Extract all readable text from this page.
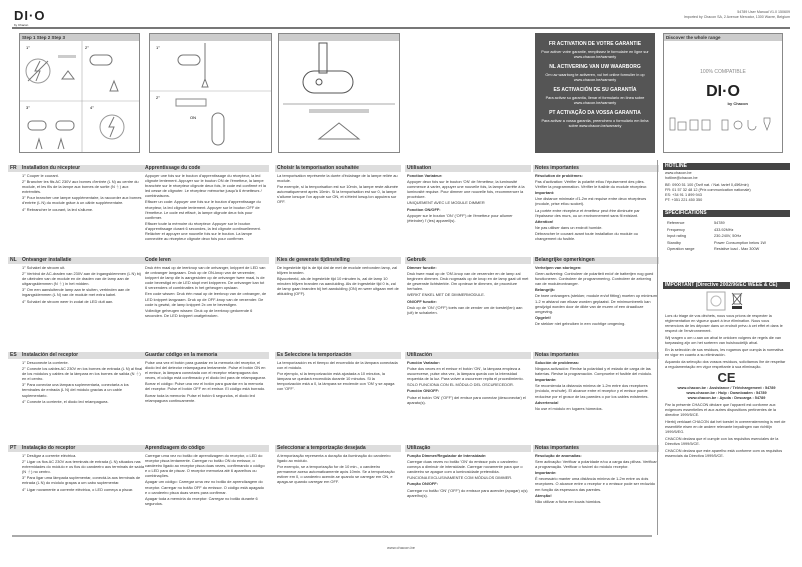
DI·O
by Chacon
54789 User Manual V1.0 150609
Imported by Chacon SA, 2 Avenue Mercator, 1300 Wavre, Belgium
Step 1 Step 2 Step 3
1°	2°
3°	4°
1°
2°
ON
FR ACTIVATION DE VOTRE GARANTIE

Pour activer votre garantie, remplissez le formulaire en ligne sur www.chacon.be/warranty

NL ACTIVERING VAN UW WAARBORG

Om uw waarborg te activeren, vul het online formulier in op www.chacon.be/warranty

ES ACTIVACIÓN DE SU GARANTÍA

Para activar su garantía, llenar el formulario en línea sobre www.chacon.be/warranty

PT ACTIVAÇÃO DA VOSSA GARANTIA

Para activar a vossa garantia, preenchero o formulário em linha sobre www.chacon.be/warranty

Discover the whole range
100% COMPATIBLE
DI·O
by Chacon
FR	Installation du récepteur

1° Couper le courant.

2° Brancher les fils AC 230V aux bornes d'entrée (L N) au centre du module, et les fils de la lampe aux bornes de sortie (N ⏚) aux extrémités.

3° Pour brancher une lampe supplémentaire, la raccorder aux bornes d'entrée (L N) du module grâce à un câble supplémentaire.

4° Rebrancher le courant, la led s'allume.

Apprentissage du code

Appuyer une fois sur le bouton d'apprentissage du récepteur, la led clignote lentement. Appuyer sur le bouton ON de l'émetteur, la lampe branchée sur le récepteur clignote deux fois, le code est confirmé et la led cesse de clignoter. Le récepteur mémorise jusqu'à 6 émetteurs / combinaisons.

Effacer un code: Appuyer une fois sur le bouton d'apprentissage du récepteur, la led clignote lentement. Appuyer sur le bouton OFF de l'émetteur. Le code est effacé, la lampe clignote deux fois pour confirmer.

Effacer toute la mémoire du récepteur: Appuyer sur le bouton d'apprentissage durant 6 secondes, la led clignote continuellement. Relâcher et appuyer une nouvelle fois sur le bouton. La lampe connectée au récepteur clignote deux fois pour confirmer.

Choisir la temporisation souhaitée

La temporisation représente la durée d'éclairage de la lampe reliée au module.

Par exemple, si la temporisation est sur 10min, la lampe reste allumée automatiquement après 10min. Si la temporisation est sur 0, la lampe s'allume lorsque l'on appuie sur ON, et s'éteint lorsqu'on appuiera sur OFF.

Utilisation

Fonction Variateur:

Appuyer deux fois sur le bouton 'ON' de l'émetteur, la luminosité commence à varier, appuyer une nouvelle fois, la lampe s'arrête à la luminosité requise. Pour dimmer une nouvelle fois, recommencer la procédure.

UNIQUEMENT AVEC LE MODULE DIMMER

Fonction ON/OFF:

Appuyer sur le bouton 'ON' ('OFF') de l'émetteur pour allumer (éteindre) l' (les) appareil(s).

Notes importantes

Résolution de problèmes:

Pas d'activation: Vérifier la polarité et/ou l'épuisement des piles. Vérifier la programmation. Vérifier le fusible du module récepteur.

Important:

Une distance minimale d'1-2m est requise entre deux récepteurs (module, prise et/ou socket).

La portée entre récepteur et émetteur peut être diminuée par l'épaisseur des murs, ou un environnement sans fil existant.

Attention!

Ne pas utiliser dans un endroit humide.

Débrancher le courant avant toute installation du module ou changement du fusible.

NL	Ontvanger installatie

1° Schakel de stroom uit.

2° Verbind de AC-draden van 230V aan de ingangsklemmen (L N) bij de uiteinden van de module en de draden van de lamp aan de uitgangsklemmen (N ⏚) in het midden.

3° Om een aansluitende lamp aan te sluiten, verbinden aan de ingangsklemmen (L N) van de module met extra kabel.

4° Schakel de stroom weer in zodat de LED duit aan.

Code leren

Druk één maal op de leerknop van de ontvanger, knippert de LED van de ontvanger langzaam. Druk op de ON-knop van de verzender, knippert de lamp die is aangesloten op de ontvanger twee maal, is de code bevestigd en de LED stopt met knipperen. De ontvanger kan tot 6 verzenders of combinaties in het geheugen opslaan.

Een code wissen: Druk één maal op de leerknop van de ontvanger, de LED knippert langzaam. Druk op de OFF-knop van de verzender. De code is gewist, de lamp knippert 2x om te bevestigen.

Volledige geheugen wissen: Druk op de leerknop gedurende 6 seconden. De LED knippert onafgebroken.

Kies de gewenste tijdinstelling

De ingestelde tijd is de tijd dat de met de module verbonden lamp, zal blijven branden.

Bijvoorbeeld, als de ingestelde tijd 10 minuten is, zal de lamp 10 minuten blijven branden na aanduiding. Als de ingestelde tijd 0 is, zal de lamp gaan branden bij het aanduiding (ON) en weer uitgaan met de afduiding (OFF).

Gebruik

Dimmer functie:

Druk twee maal op de 'ON'-knop van de verzender en de lamp zal beginnen dimmen. Druk nogmaals op de knop en de lamp gaat uit met de gewenste lichtsterkte. Om opnieuw te dimmen, de procedure herhalen.

WERKT ENKEL MET DE DIMMERMODULE.

ON/OFF functie:

Druk op de 'ON' ('OFF') toets van de zender om de toestel(len) aan (uit) te schakelen.

Belangrijke opmerkingen

Verhelpen van storingen:

Geen activering: Controleer de polariteit en/of de batterijen nog goed functioneren. Controleer de programmering. Controleer de zekering van de moduleontvanger.

Belangrijk:

De twee ontvangers (stekker, module en/of fitting) moeten op minimum 1-2 m afstand van elkaar worden geplaatst. De minimumbereik kan gewijzigd worden door de dikte van de muren of een draadloze omgeving.

Opgelet!

De stekker niet gebruiken in een vochtige omgeving.

ES	Instalación del receptor

1° Desconecte la corriente.

2° Conecte los cables AC 230V en los bornes de entrada (L N) al final de los módulos y cables de la lámpara en los bornes de salida (N ⏚) en el centro.

3° Para conectar una lámpara suplementaria, conectarla a los terminales de entrada (L N) del módulo gracias a un cable suplementario.

4° Conecte la corriente, el diodo led relampaguea.

Guardar código en la memoria

Pulse una vez el botón para guardar en la memoria del receptor, el diodo led del detector relampaguea lentamente. Pulse el botón ON en el emisor, la lámpara conectada con el receptor relampaguea dos veces, el código está confirmado y el diodo led para de relampaguear.

Borrar el código: Pulse una vez el botón para guardar en la memoria del receptor. Pulse el botón OFF en el emisor. El código está borrado.

Borrar toda la memoria: Pulse el botón 6 segundos, el diodo led relampaguea continuamente.

Es Seleccione la temporización

La temporización es el tiempo del encendido de la lámpara conectada con el módulo.

Por ejemplo, si la temporización está ajustada a 10 minutos, la lámpara se quedará encendida durante 10 minutos. Si la temporización está a 0, la lámpara se enciende con 'ON' y se apaga con 'OFF'.

Utilización

Función Variador:

Pulse dos veces en el emisor el botón 'ON', la lámpara empieza a oscurecerse, pulse otra vez, la lámpara queda con la intensidad requerida de la luz. Para volver a oscurecer repita el procedimiento.

SOLO FUNCIONA CON EL MÓDULO DEL OSCURECEDOR.

Función ON/OFF:

Pulse el botón 'ON' ('OFF') del emisor para conectar (desconectar) el aparato(s).

Notas importantes

Solución de problemas:

Ninguna activación: Revise la polaridad y el estado de carga de las baterías. Revise la programación. Compruebe el fusible del módulo.

Importante:

Se recomienda la distancia mínima de 1-2m entre dos receptores (módulo, enchufe). El alcance entre el receptor y el emisor puede reducirse por el grosor de las paredes o por los cables existentes.

Advertencia!

No use el módulo en lugares húmedos.

PT	Instalação do receptor

1° Desligar a corrente eléctrica.

2° Ligar os fios AC 230V aos terminais de entrada (L N) situados nas extremidades do módulo e os fios do candeeiro aos terminais de saída (N ⏚) no centro.

3° Para ligar uma lâmpada suplementar, conectá-la aos terminais de entrada (L N) do módulo graças a um cabo suplementar.

4° Ligar novamente a corrente eléctrica, o LED começa a piscar.

Aprendizagem do código

Carregar uma vez no botão de aprendizagem do receptor, o LED do receptor pisca lentamente. Carregar no botão ON do emissor, o candeeiro ligado ao receptor pisca duas vezes, confirmando o código e o LED para de piscar. O receptor memoriza até 6 aparelhos ou combinações.

Apagar um código: Carregar uma vez no botão de aprendizagem do receptor. Carregar no botão OFF do emissor. O código está apagado e o candeeiro pisca duas vezes para confirmar.

Apagar toda a memória do receptor: Carregar no botão durante 6 segundos.

Seleccionar a temporização desejada

A temporização representa a duração da iluminação do candeeiro ligado ao módulo.

Por exemplo, se a temporização for de 10 min., o candeeiro permanece aceso automaticamente após 10min. Se a temporização estiver em 0, o candeeiro acende-se quando se carregar em ON, e apaga-se quando carregar em OFF.

Utilização

Função Dimmer/Regulador de Intensidade:

Carregar duas vezes no botão 'ON' do emissor pois o candeeiro começa a diminuir de intensidade. Carregar novamente para que o candeeiro se apague com a luminosidade pretendida.

FUNCIONA EXCLUSIVAMENTE COM MÓDULOS DIMMER.

Função ON/OFF:

Carregar no botão 'ON' ('OFF') do emissor para acender (apagar) o(s) aparelho(s).

Notas importantes

Resolução de anomalias:

Sem activação: Verificar a polaridade e/ou a carga das pilhas. Verificar a programação. Verificar o fusível do módulo receptor.

Importante:

É necessário manter uma distância mínima de 1-2m entre os dois receptores. O alcance entre o receptor e o emissor pode ser reduzido em função da espessura das paredes.

Atenção!

Não utilizar a ficha em locais húmidos.

HOTLINE

www.chacon.be
hotline@chacon.be

BE: 0900 51 100 (Tarif nat. / Nat. tarief 0,45€/min)
FR: 01 57 32 48 12 (Prix communication nationale)
ES: +34 91 1 899 943
PT: +351 221 450 350

SPECIFICATIONS
Reference	54789
Frequency	433.92MHz
Input rating	230-240V, 50Hz
Standby	Power Consumption below 1W
Operation range	Resistive load - Max 300W
IMPORTANT (Directive 2002/96/EC WEEE & CE)

Lors du triage de vos déchets, nous vous prions de respecter la réglementation en vigueur quant à leur élimination. Nous vous remercions de les déposer dans un endroit prévu à cet effet et dans le respect de l'environnement.

Wij vragen u om u aan uw afval te ontdoen volgens de regels die van toepassing zijn om het sorteren van huishoudelijk afval.

En la selección de sus residuos, les rogamos que cumpla la normativa en vigor en cuanto a su eliminación.

Aquando da selecção dos vossos resíduos, solicitamos lhe de respeitar a regulamentação em vigor respeitante à sua eliminação.

CE

www.chacon.be : Assistance / Téléchargement : 54789
www.chacon.be : Hulp : Downloaden : 54789
www.chacon.be : Ayuda : Descarga : 54789

Par la présente CHACON déclare que l'appareil est conforme aux exigences essentielles et aux autres dispositions pertinentes de la directive 1999/5/CE.

Hierbij verklaart CHACON dat het toestel in overeenstemming is met de essentiële eisen en de andere relevante bepalingen van richtlijn 1999/5/EG.

CHACON declara que el cumple con los requisitos esenciales de la Directiva 1999/5/CE.

CHACON declara que este aparelho está conforme com os requisitos essenciais da Directiva 1999/5/CE.

www.chacon.be
